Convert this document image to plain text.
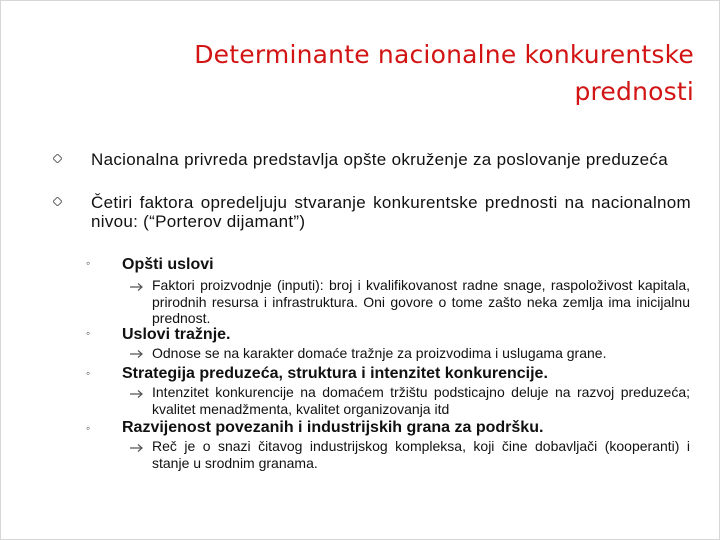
Determinante nacionalne konkurentske prednosti
Nacionalna privreda predstavlja opšte okruženje za poslovanje preduzeća
Četiri faktora opredeljuju stvaranje konkurentske prednosti na nacionalnom nivou: (“Porterov dijamant”)
◦ Opšti uslovi
Faktori proizvodnje (inputi): broj i kvalifikovanost radne snage, raspoloživost kapitala, prirodnih resursa i infrastruktura. Oni govore o tome zašto neka zemlja ima inicijalnu prednost.
◦ Uslovi tražnje.
Odnose se na karakter domaće tražnje za proizvodima i uslugama grane.
◦ Strategija preduzeća, struktura i intenzitet konkurencije.
Intenzitet konkurencije na domaćem tržištu podsticajno deluje na razvoj preduzeća; kvalitet menadžmenta, kvalitet organizovanja itd
◦ Razvijenost povezanih i industrijskih grana za podršku.
Reč je o snazi čitavog industrijskog kompleksa, koji čine dobavljači (kooperanti) i stanje u srodnim granama.
